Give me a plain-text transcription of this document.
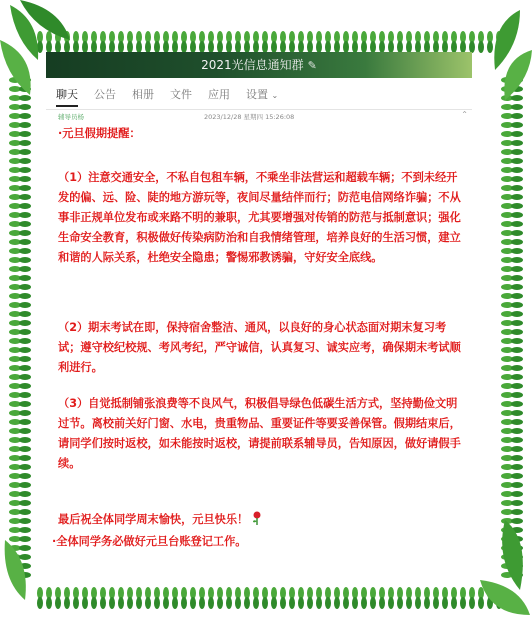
2021光信息通知群 ✎
聊天 公告 相册 文件 应用 设置 ⌄
辅导员杨	2023/12/28 星期四 15:26:08	⌃
·元旦假期提醒：
（1）注意交通安全，不私自包租车辆，不乘坐非法营运和超载车辆；不到未经开发的偏、远、险、陡的地方游玩等，夜间尽量结伴而行；防范电信网络诈骗；不从事非正规单位发布或来路不明的兼职，尤其要增强对传销的防范与抵制意识；强化生命安全教育，积极做好传染病防治和自我情绪管理，培养良好的生活习惯，建立和谐的人际关系，杜绝安全隐患；警惕邪教诱骗，守好安全底线。
（2）期末考试在即，保持宿舍整洁、通风，以良好的身心状态面对期末复习考试；遵守校纪校规、考风考纪，严守诚信，认真复习、诚实应考，确保期末考试顺利进行。
（3）自觉抵制铺张浪费等不良风气，积极倡导绿色低碳生活方式，坚持勤俭文明过节。离校前关好门窗、水电，贵重物品、重要证件等要妥善保管。假期结束后，请同学们按时返校，如未能按时返校，请提前联系辅导员，告知原因，做好请假手续。
最后祝全体同学周末愉快，元旦快乐！
·全体同学务必做好元旦台账登记工作。
